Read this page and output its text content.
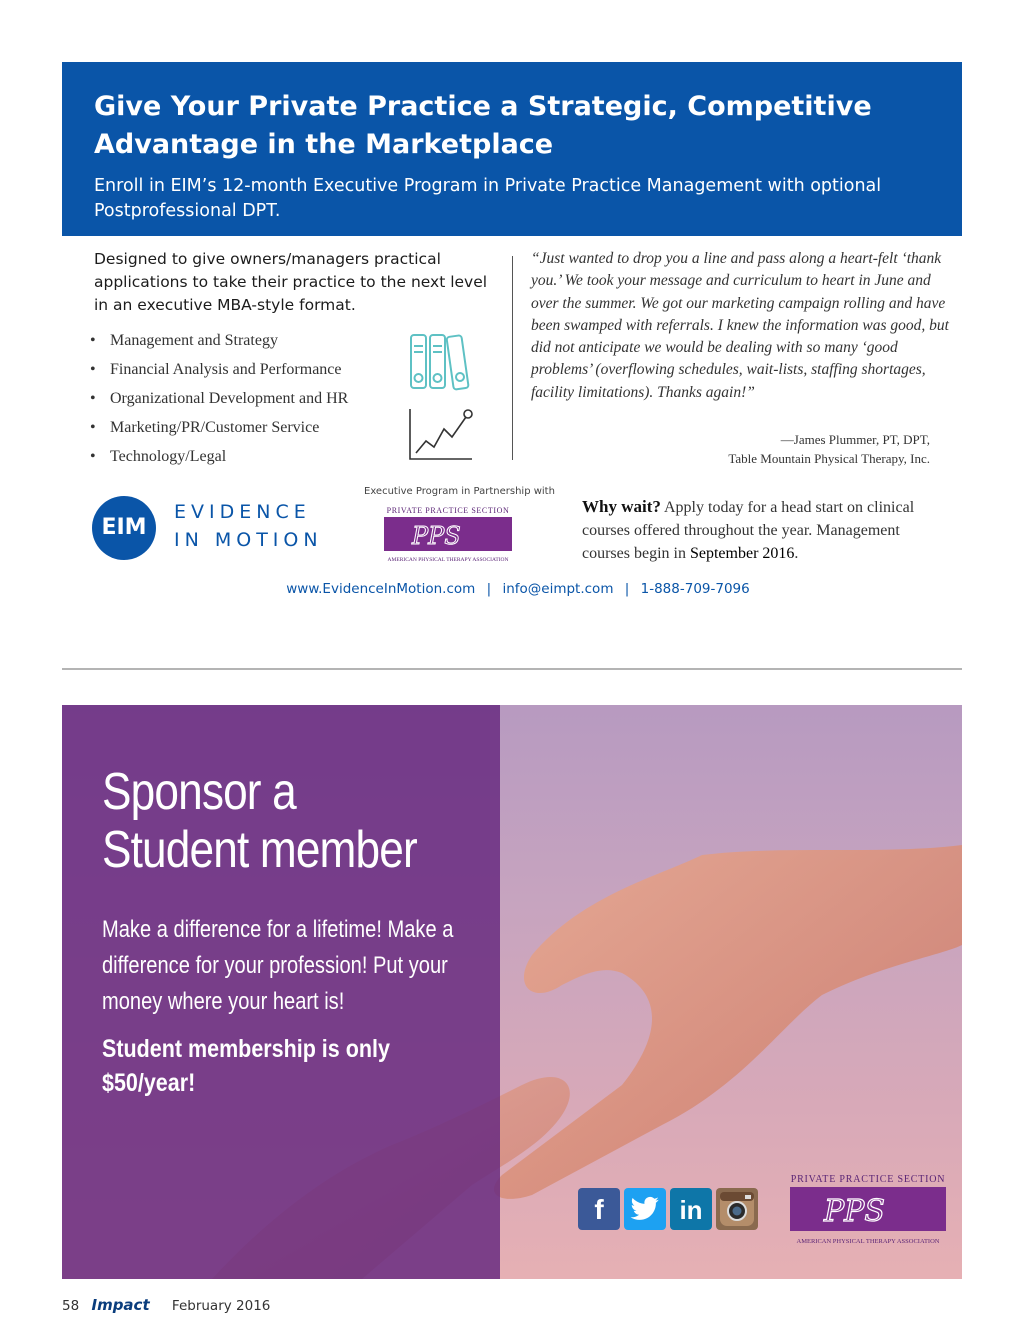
Give Your Private Practice a Strategic, Competitive Advantage in the Marketplace
Enroll in EIM’s 12-month Executive Program in Private Practice Management with optional Postprofessional DPT.
Designed to give owners/managers practical applications to take their practice to the next level in an executive MBA-style format.
• Management and Strategy
• Financial Analysis and Performance
• Organizational Development and HR
• Marketing/PR/Customer Service
• Technology/Legal
“Just wanted to drop you a line and pass along a heart-felt ‘thank you.’ We took your message and curriculum to heart in June and over the summer. We got our marketing campaign rolling and have been swamped with referrals. I knew the information was good, but did not anticipate we would be dealing with so many ‘good problems’ (overflowing schedules, wait-lists, staffing shortages, facility limitations). Thanks again!”
—James Plummer, PT, DPT,
Table Mountain Physical Therapy, Inc.
EIM
EVIDENCE
IN MOTION
Executive Program in Partnership with
PRIVATE PRACTICE SECTION
PPS
AMERICAN PHYSICAL THERAPY ASSOCIATION
Why wait? Apply today for a head start on clinical courses offered throughout the year. Management courses begin in September 2016.
www.EvidenceInMotion.com | info@eimpt.com | 1-888-709-7096
Sponsor a Student member
Make a difference for a lifetime! Make a difference for your profession! Put your money where your heart is!
Student membership is only $50/year!
f	in
PRIVATE PRACTICE SECTION
PPS
AMERICAN PHYSICAL THERAPY ASSOCIATION
58 Impact February 2016
